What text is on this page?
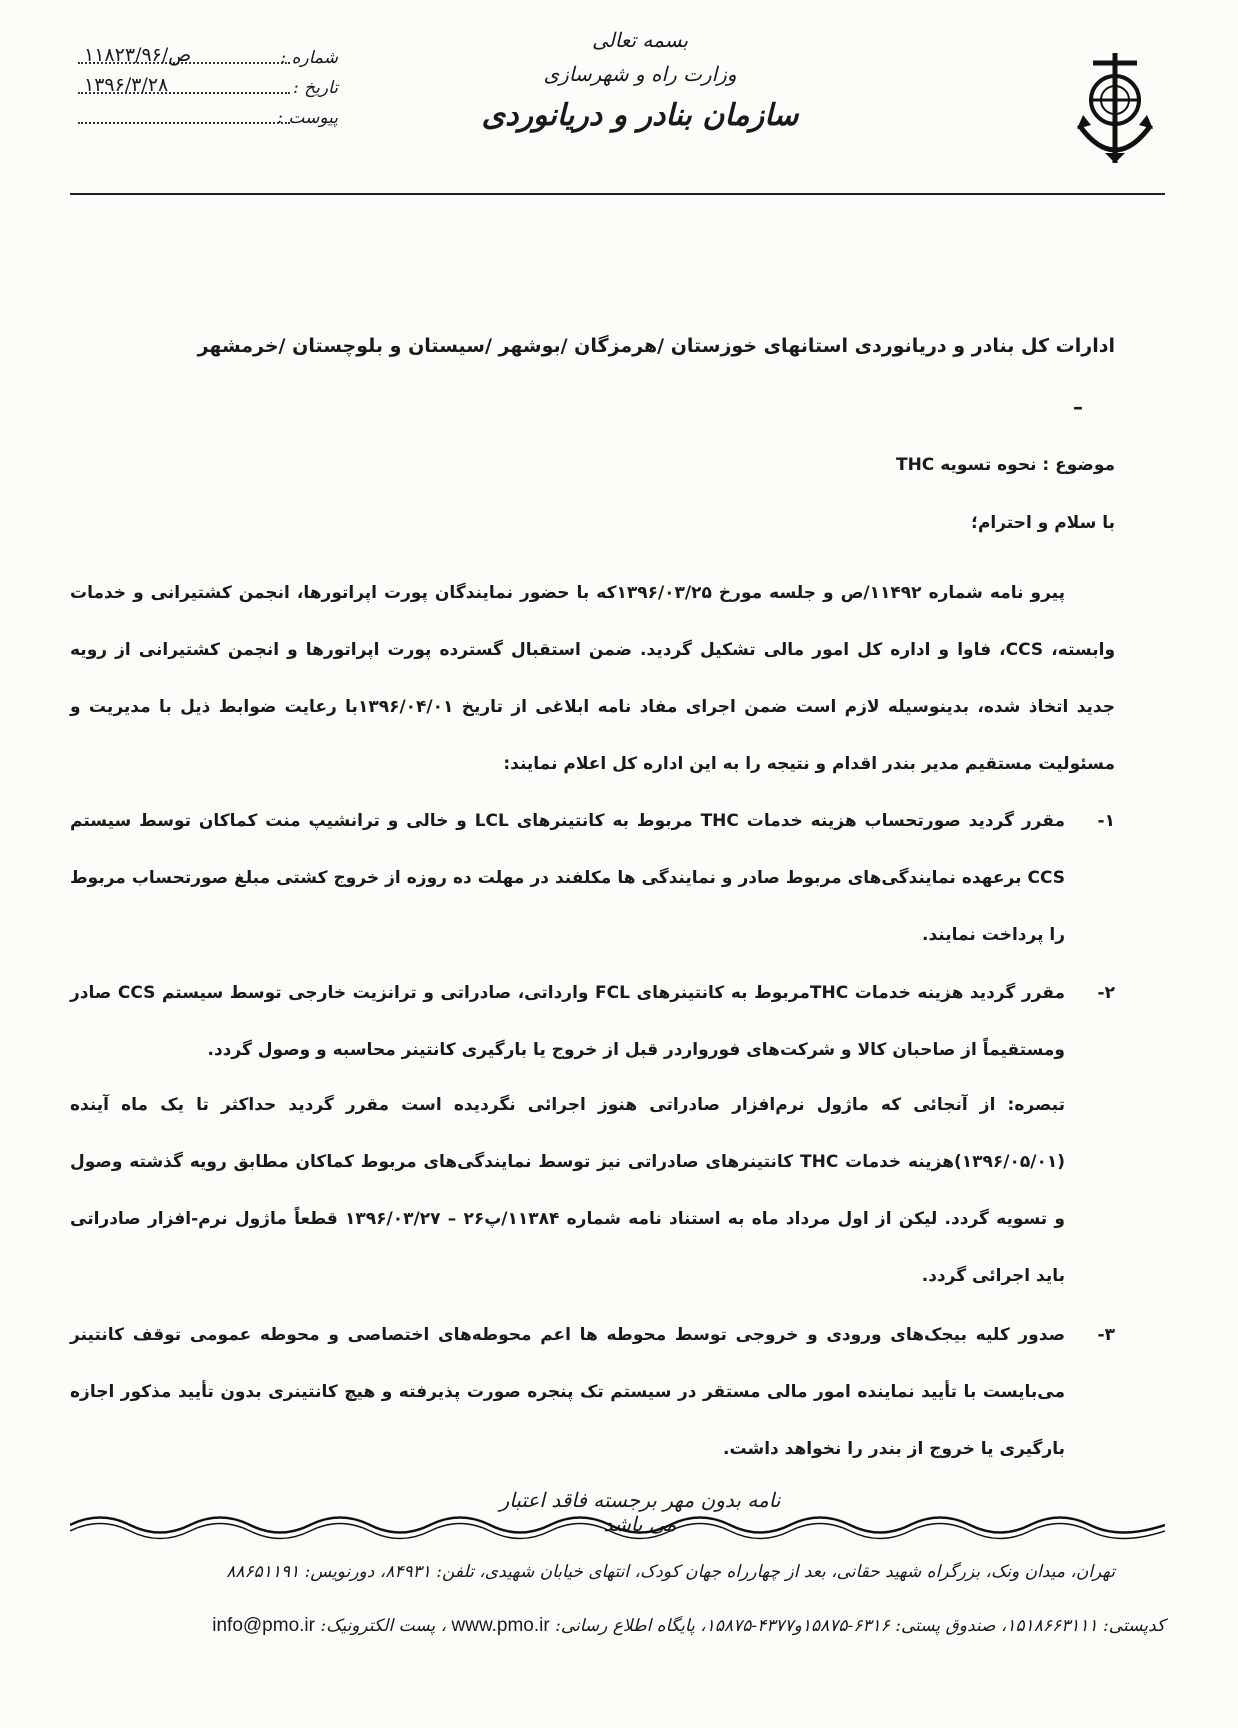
بسمه تعالی
وزارت راه و شهرسازی
سازمان بنادر و دریانوردی
شماره :
۱۱۸۲۳/ص/۹۶
تاریخ :
۱۳۹۶/۳/۲۸
پیوست :
ادارات کل بنادر و دریانوردی استانهای خوزستان /هرمزگان /بوشهر /سیستان و بلوچستان /خرمشهر
–
موضوع : نحوه تسویه THC
با سلام و احترام؛
پیرو نامه شماره ۱۱۴۹۲/ص و جلسه مورخ ۱۳۹۶/۰۳/۲۵که با حضور نمایندگان پورت اپراتورها، انجمن کشتیرانی و خدمات وابسته، CCS، فاوا و اداره کل امور مالی تشکیل گردید. ضمن استقبال گسترده پورت اپراتورها و انجمن کشتیرانی از رویه جدید اتخاذ شده، بدینوسیله لازم است ضمن اجرای مفاد نامه ابلاغی از تاریخ ۱۳۹۶/۰۴/۰۱با رعایت ضوابط ذیل با مدیریت و مسئولیت مستقیم مدیر بندر اقدام و نتیجه را به این اداره کل اعلام نمایند:
۱-
مقرر گردید صورتحساب هزینه خدمات THC مربوط به کانتینرهای LCL و خالی و ترانشیپ منت کماکان توسط سیستم CCS برعهده نمایندگی‌های مربوط صادر و نمایندگی ها مکلفند در مهلت ده روزه از خروج کشتی مبلغ صورتحساب مربوط را پرداخت نمایند.
۲-
مقرر گردید هزینه خدمات THCمربوط به کانتینرهای FCL وارداتی، صادراتی و ترانزیت خارجی توسط سیستم CCS صادر ومستقیماً از صاحبان کالا و شرکت‌های فورواردر قبل از خروج یا بارگیری کانتینر محاسبه و وصول گردد.
تبصره: از آنجائی که ماژول نرم‌افزار صادراتی هنوز اجرائی نگردیده است مقرر گردید حداکثر تا یک ماه آینده (۱۳۹۶/۰۵/۰۱)هزینه خدمات THC کانتینرهای صادراتی نیز توسط نمایندگی‌های مربوط کماکان مطابق رویه گذشته وصول و تسویه گردد. لیکن از اول مرداد ماه به استناد نامه شماره ۱۱۳۸۴/پ۲۶ – ۱۳۹۶/۰۳/۲۷ قطعاً ماژول نرم-افزار صادراتی باید اجرائی گردد.
۳-
صدور کلیه بیجک‌های ورودی و خروجی توسط محوطه ها اعم محوطه‌های اختصاصی و محوطه عمومی توقف کانتینر می‌بایست با تأیید نماینده امور مالی مستقر در سیستم تک پنجره صورت پذیرفته و هیچ کانتینری بدون تأیید مذکور اجازه بارگیری یا خروج از بندر را نخواهد داشت.
نامه بدون مهر برجسته فاقد اعتبار می باشد
تهران، میدان ونک، بزرگراه شهید حقانی، بعد از چهارراه جهان کودک، انتهای خیابان شهیدی، تلفن: ۸۴۹۳۱، دورنویس: ۸۸۶۵۱۱۹۱
کدپستی: ۱۵۱۸۶۶۳۱۱۱، صندوق پستی: ۶۳۱۶-۱۵۸۷۵و۴۳۷۷-۱۵۸۷۵، پایگاه اطلاع رسانی: www.pmo.ir ، پست الکترونیک: info@pmo.ir
